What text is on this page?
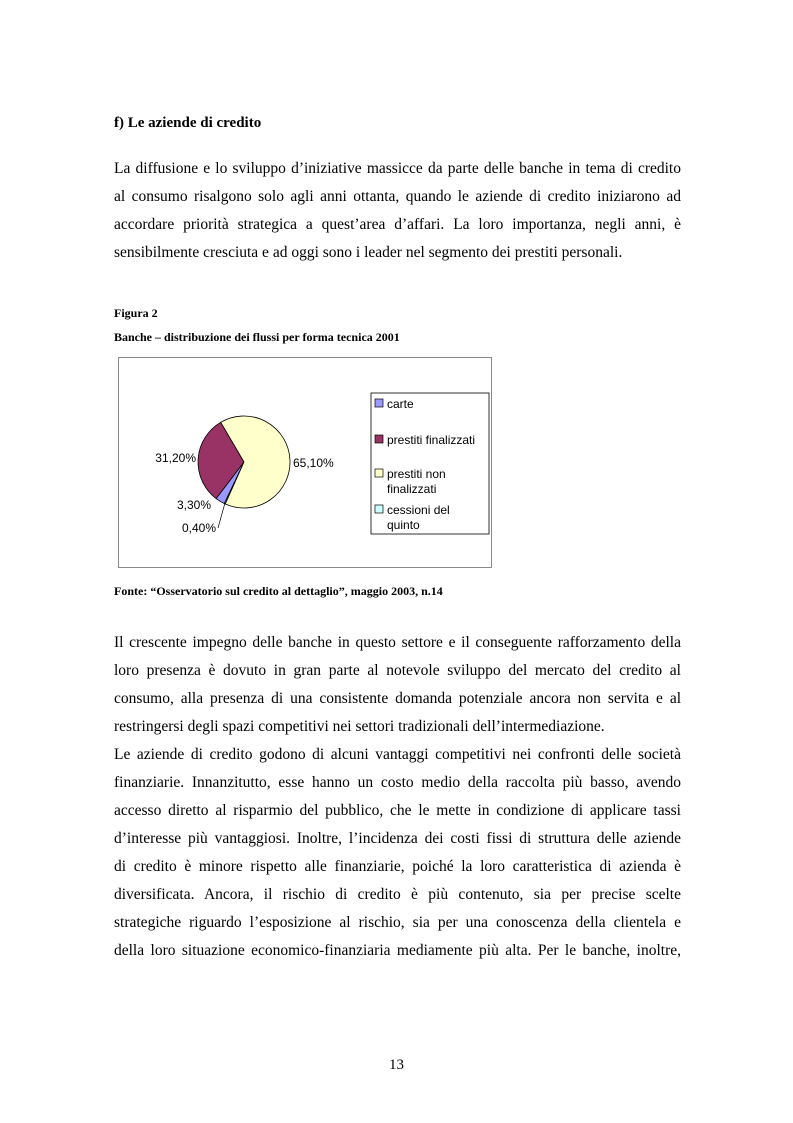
f) Le aziende di credito
La diffusione e lo sviluppo d’iniziative massicce da parte delle banche in tema di credito
al consumo risalgono solo agli anni ottanta, quando le aziende di credito iniziarono ad
accordare priorità strategica a quest’area d’affari. La loro importanza, negli anni, è
sensibilmente cresciuta e ad oggi sono i leader nel segmento dei prestiti personali.
Figura 2
Banche – distribuzione dei flussi per forma tecnica 2001
3,30%
31,20%	65,10%
0,40%
carte
prestiti finalizzati
prestiti non
finalizzati
cessioni del
quinto
Fonte: “Osservatorio sul credito al dettaglio”, maggio 2003, n.14
Il crescente impegno delle banche in questo settore e il conseguente rafforzamento della
loro presenza è dovuto in gran parte al notevole sviluppo del mercato del credito al
consumo, alla presenza di una consistente domanda potenziale ancora non servita e al
restringersi degli spazi competitivi nei settori tradizionali dell’intermediazione.
Le aziende di credito godono di alcuni vantaggi competitivi nei confronti delle società
finanziarie. Innanzitutto, esse hanno un costo medio della raccolta più basso, avendo
accesso diretto al risparmio del pubblico, che le mette in condizione di applicare tassi
d’interesse più vantaggiosi. Inoltre, l’incidenza dei costi fissi di struttura delle aziende
di credito è minore rispetto alle finanziarie, poiché la loro caratteristica di azienda è
diversificata. Ancora, il rischio di credito è più contenuto, sia per precise scelte
strategiche riguardo l’esposizione al rischio, sia per una conoscenza della clientela e
della loro situazione economico-finanziaria mediamente più alta. Per le banche, inoltre,
13
